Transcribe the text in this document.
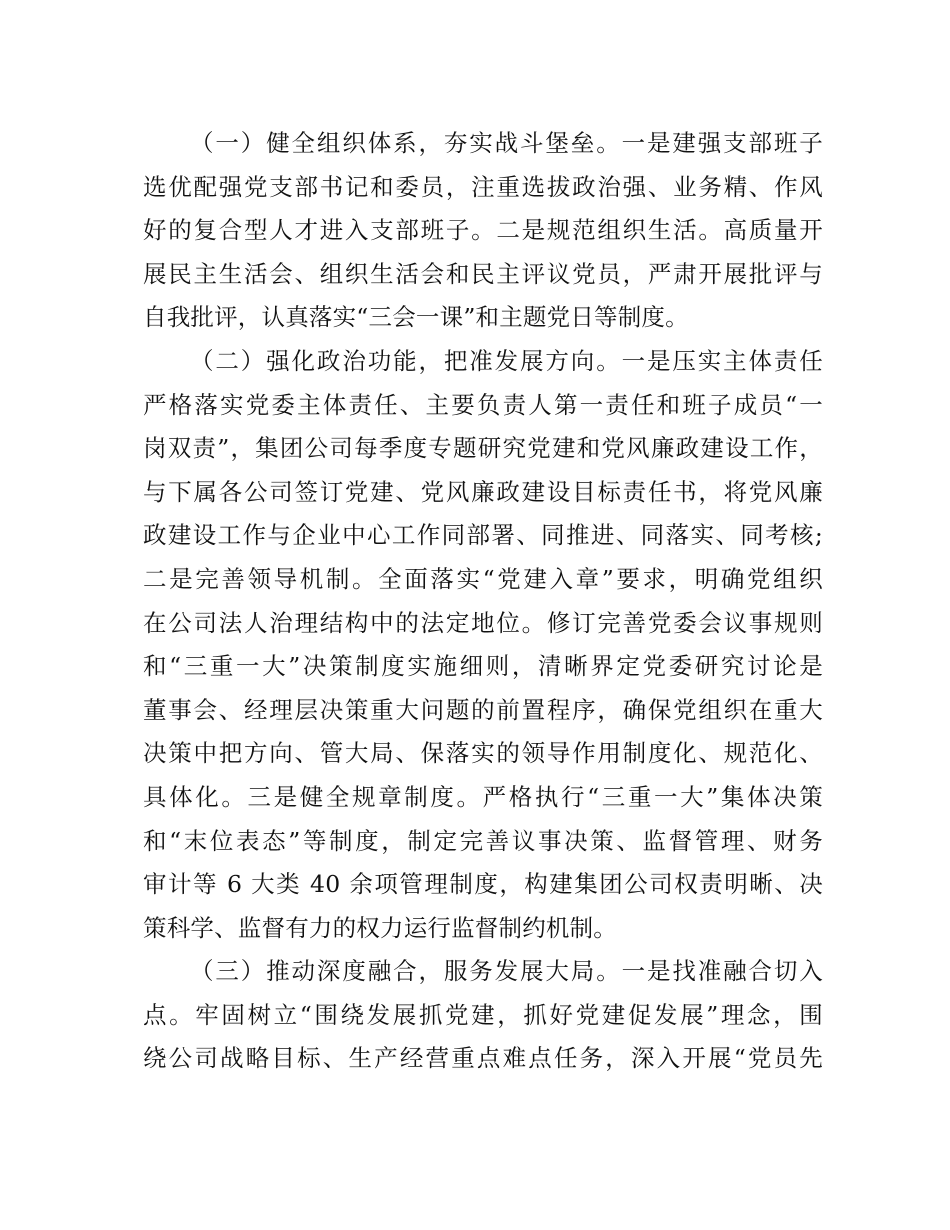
（一）健全组织体系，夯实战斗堡垒。一是建强支部班子
选优配强党支部书记和委员，注重选拔政治强、业务精、作风
好的复合型人才进入支部班子。二是规范组织生活。高质量开
展民主生活会、组织生活会和民主评议党员，严肃开展批评与
自我批评，认真落实“三会一课”和主题党日等制度。
（二）强化政治功能，把准发展方向。一是压实主体责任
严格落实党委主体责任、主要负责人第一责任和班子成员“一
岗双责”，集团公司每季度专题研究党建和党风廉政建设工作，
与下属各公司签订党建、党风廉政建设目标责任书，将党风廉
政建设工作与企业中心工作同部署、同推进、同落实、同考核;
二是完善领导机制。全面落实“党建入章”要求，明确党组织
在公司法人治理结构中的法定地位。修订完善党委会议事规则
和“三重一大”决策制度实施细则，清晰界定党委研究讨论是
董事会、经理层决策重大问题的前置程序，确保党组织在重大
决策中把方向、管大局、保落实的领导作用制度化、规范化、
具体化。三是健全规章制度。严格执行“三重一大”集体决策
和“末位表态”等制度，制定完善议事决策、监督管理、财务
审计等 6 大类 40 余项管理制度，构建集团公司权责明晰、决
策科学、监督有力的权力运行监督制约机制。
（三）推动深度融合，服务发展大局。一是找准融合切入
点。牢固树立“围绕发展抓党建，抓好党建促发展”理念，围
绕公司战略目标、生产经营重点难点任务，深入开展“党员先
